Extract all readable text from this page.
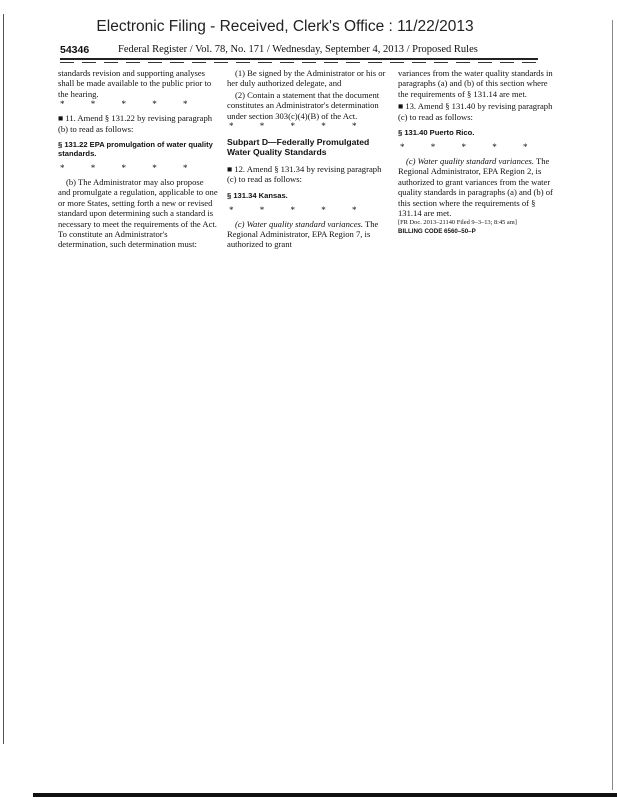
Electronic Filing - Received, Clerk's Office : 11/22/2013
54346	Federal Register / Vol. 78, No. 171 / Wednesday, September 4, 2013 / Proposed Rules

standards revision and supporting analyses shall be made available to the public prior to the hearing.

* * * * *

■ 11. Amend § 131.22 by revising paragraph (b) to read as follows:

§ 131.22 EPA promulgation of water quality standards.

* * * * *

(b) The Administrator may also propose and promulgate a regulation, applicable to one or more States, setting forth a new or revised standard upon determining such a standard is necessary to meet the requirements of the Act. To constitute an Administrator's determination, such determination must:

(1) Be signed by the Administrator or his or her duly authorized delegate, and

(2) Contain a statement that the document constitutes an Administrator's determination under section 303(c)(4)(B) of the Act.

* * * * *

Subpart D—Federally Promulgated Water Quality Standards

■ 12. Amend § 131.34 by revising paragraph (c) to read as follows:

§ 131.34 Kansas.

* * * * *

(c) Water quality standard variances. The Regional Administrator, EPA Region 7, is authorized to grant

variances from the water quality standards in paragraphs (a) and (b) of this section where the requirements of § 131.14 are met.

■ 13. Amend § 131.40 by revising paragraph (c) to read as follows:

§ 131.40 Puerto Rico.

* * * * *

(c) Water quality standard variances. The Regional Administrator, EPA Region 2, is authorized to grant variances from the water quality standards in paragraphs (a) and (b) of this section where the requirements of § 131.14 are met.

[FR Doc. 2013–21140 Filed 9–3–13; 8:45 am]

BILLING CODE 6560–50–P
